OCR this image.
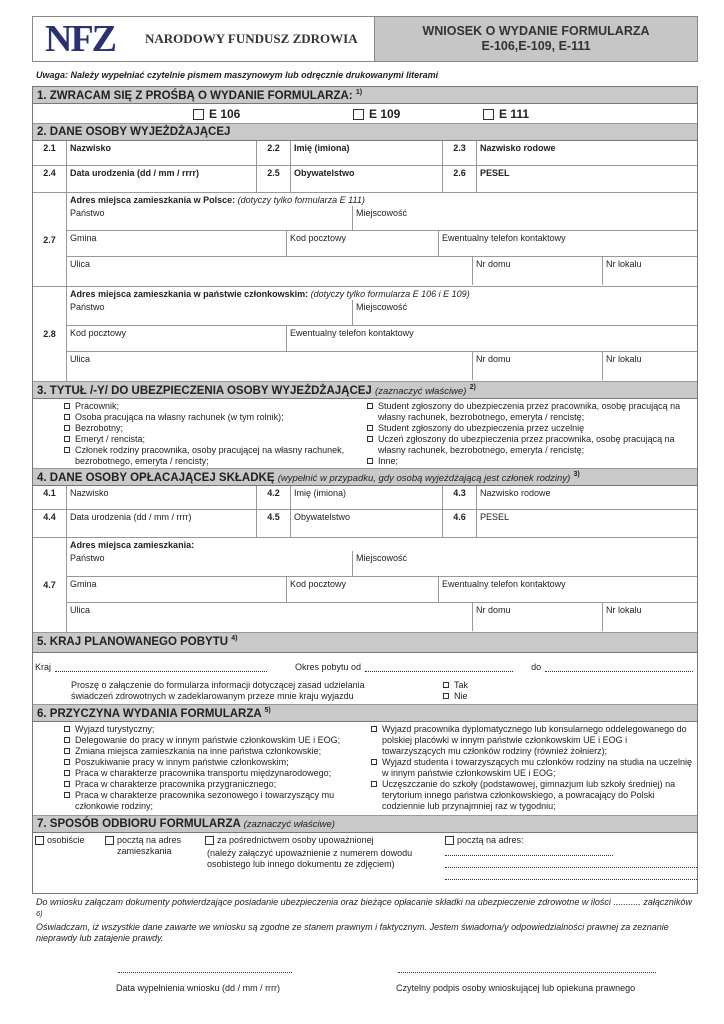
NFZ	NARODOWY FUNDUSZ ZDROWIA	WNIOSEK O WYDANIE FORMULARZA
E-106,E-109, E-111
Uwaga: Należy wypełniać czytelnie pismem maszynowym lub odręcznie drukowanymi literami
1. ZWRACAM SIĘ Z PROŚBĄ O WYDANIE FORMULARZA: $^{1)}$
E 106	E 109	E 111
2. DANE OSOBY WYJEŻDŻAJĄCEJ
2.1	Nazwisko	2.2	Imię (imiona)	2.3	Nazwisko rodowe
2.4	Data urodzenia (dd / mm / rrrr)	2.5	Obywatelstwo	2.6	PESEL
2.7
Adres miejsca zamieszkania w Polsce: (dotyczy tylko formularza E 111)
Państwo	Miejscowość
Gmina	Kod pocztowy	Ewentualny telefon kontaktowy
Ulica	Nr domu	Nr lokalu
2.8
Adres miejsca zamieszkania w państwie członkowskim: (dotyczy tylko formularza E 106 i E 109)
Państwo	Miejscowość
Kod pocztowy	Ewentualny telefon kontaktowy
Ulica	Nr domu	Nr lokalu
3. TYTUŁ /-Y/ DO UBEZPIECZENIA OSOBY WYJEŻDŻAJĄCEJ (zaznaczyć właściwe) $^{2)}$
Pracownik;
Osoba pracująca na własny rachunek (w tym rolnik);
Bezrobotny;
Emeryt / rencista;
Członek rodziny pracownika, osoby pracującej na własny rachunek, bezrobotnego, emeryta / rencisty;
Student zgłoszony do ubezpieczenia przez pracownika, osobę pracującą na własny rachunek, bezrobotnego, emeryta / rencistę;
Student zgłoszony do ubezpieczenia przez uczelnię
Uczeń zgłoszony do ubezpieczenia przez pracownika, osobę pracującą na własny rachunek, bezrobotnego, emeryta / rencistę;
Inne;
4. DANE OSOBY OPŁACAJĄCEJ SKŁADKĘ (wypełnić w przypadku, gdy osobą wyjeżdżającą jest członek rodziny) $^{3)}$
4.1	Nazwisko	4.2	Imię (imiona)	4.3	Nazwisko rodowe
4.4	Data urodzenia (dd / mm / rrrr)	4.5	Obywatelstwo	4.6	PESEL
4.7
Adres miejsca zamieszkania:
Państwo	Miejscowość
Gmina	Kod pocztowy	Ewentualny telefon kontaktowy
Ulica	Nr domu	Nr lokalu
5. KRAJ PLANOWANEGO POBYTU $^{4)}$
Kraj	Okres pobytu od	do
Proszę o załączenie do formularza informacji dotyczącej zasad udzielania świadczeń zdrowotnych w zadeklarowanym przeze mnie kraju wyjazdu
Tak
Nie
6. PRZYCZYNA WYDANIA FORMULARZA $^{5)}$
Wyjazd turystyczny;
Delegowanie do pracy w innym państwie członkowskim UE i EOG;
Zmiana miejsca zamieszkania na inne państwa członkowskie;
Poszukiwanie pracy w innym państwie członkowskim;
Praca w charakterze pracownika transportu międzynarodowego;
Praca w charakterze pracownika przygranicznego;
Praca w charakterze pracownika sezonowego i towarzyszący mu członkowie rodziny;
Wyjazd pracownika dyplomatycznego lub konsularnego oddelegowanego do polskiej placówki w innym państwie członkowskim UE i EOG i towarzyszących mu członków rodziny (również żołnierz);
Wyjazd studenta i towarzyszących mu członków rodziny na studia na uczelnię w innym państwie członkowskim UE i EOG;
Uczęszczanie do szkoły (podstawowej, gimnazjum lub szkoły średniej) na terytorium innego państwa członkowskiego, a powracający do Polski codziennie lub przynajmniej raz w tygodniu;
7. SPOSÓB ODBIORU FORMULARZA (zaznaczyć właściwe)
osobiście	pocztą na adres zamieszkania
za pośrednictwem osoby upoważnionej
(należy załączyć upoważnienie z numerem dowodu osobistego lub innego dokumentu ze zdjęciem)
pocztą na adres:
Do wniosku załączam dokumenty potwierdzające posiadanie ubezpieczenia oraz bieżące opłacanie składki na ubezpieczenie zdrowotne w ilości ........... załączników $^{6)}$
Oświadczam, iż wszystkie dane zawarte we wniosku są zgodne ze stanem prawnym i faktycznym. Jestem świadoma/y odpowiedzialności prawnej za zeznanie nieprawdy lub zatajenie prawdy.
Data wypełnienia wniosku (dd / mm / rrrr)	Czytelny podpis osoby wnioskującej lub opiekuna prawnego
